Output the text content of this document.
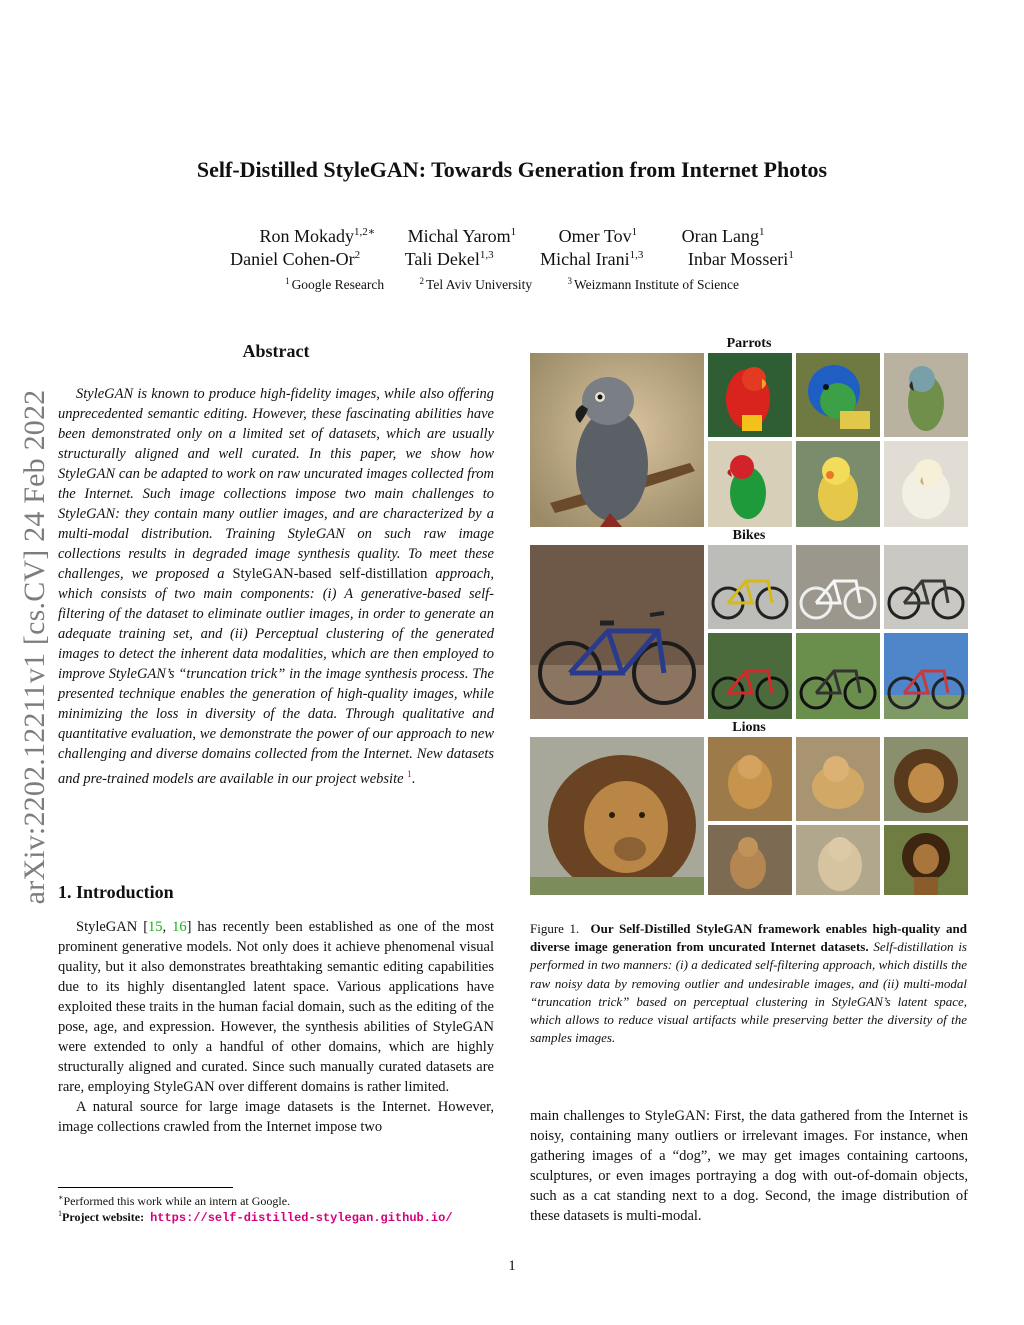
arXiv:2202.12211v1 [cs.CV] 24 Feb 2022
Self-Distilled StyleGAN: Towards Generation from Internet Photos
Ron Mokady$^{1,2∗}$ Michal Yarom$^1$ Omer Tov$^1$ Oran Lang$^1$
Daniel Cohen-Or$^2$ Tali Dekel$^{1,3}$	Michal Irani$^{1,3}$ Inbar Mosseri$^1$
$^1$ Google Research	$^2$ Tel Aviv University	$^3$ Weizmann Institute of Science
Abstract
StyleGAN is known to produce high-fidelity images, while also offering unprecedented semantic editing. However, these fascinating abilities have been demonstrated only on a limited set of datasets, which are usually structurally aligned and well curated. In this paper, we show how StyleGAN can be adapted to work on raw uncurated images collected from the Internet. Such image collections impose two main challenges to StyleGAN: they contain many outlier images, and are characterized by a multi-modal distribution. Training StyleGAN on such raw image collections results in degraded image synthesis quality. To meet these challenges, we proposed a StyleGAN-based self-distillation approach, which consists of two main components: (i) A generative-based self-filtering of the dataset to eliminate outlier images, in order to generate an adequate training set, and (ii) Perceptual clustering of the generated images to detect the inherent data modalities, which are then employed to improve StyleGAN’s “truncation trick” in the image synthesis process. The presented technique enables the generation of high-quality images, while minimizing the loss in diversity of the data. Through qualitative and quantitative evaluation, we demonstrate the power of our approach to new challenging and diverse domains collected from the Internet. New datasets and pre-trained models are available in our project website $^1$.
1. Introduction

StyleGAN [15, 16] has recently been established as one of the most prominent generative models. Not only does it achieve phenomenal visual quality, but it also demonstrates breathtaking semantic editing capabilities due to its highly disentangled latent space. Various applications have exploited these traits in the human facial domain, such as the editing of the pose, age, and expression. However, the synthesis abilities of StyleGAN were extended to only a handful of other domains, which are highly structurally aligned and curated. Since such manually curated datasets are rare, employing StyleGAN over different domains is rather limited.

A natural source for large image datasets is the Internet. However, image collections crawled from the Internet impose two

∗Performed this work while an intern at Google.
$^1$Project website: https://self-distilled-stylegan.github.io/
Parrots
Bikes
Lions
Figure 1. Our Self-Distilled StyleGAN framework enables high-quality and diverse image generation from uncurated Internet datasets. Self-distillation is performed in two manners: (i) a dedicated self-filtering approach, which distills the raw noisy data by removing outlier and undesirable images, and (ii) multi-modal “truncation trick” based on perceptual clustering in StyleGAN’s latent space, which allows to reduce visual artifacts while preserving better the diversity of the samples images.
main challenges to StyleGAN: First, the data gathered from the Internet is noisy, containing many outliers or irrelevant images. For instance, when gathering images of a “dog”, we may get images containing cartoons, sculptures, or even images portraying a dog with out-of-domain objects, such as a cat standing next to a dog. Second, the image distribution of these datasets is multi-modal.
1
